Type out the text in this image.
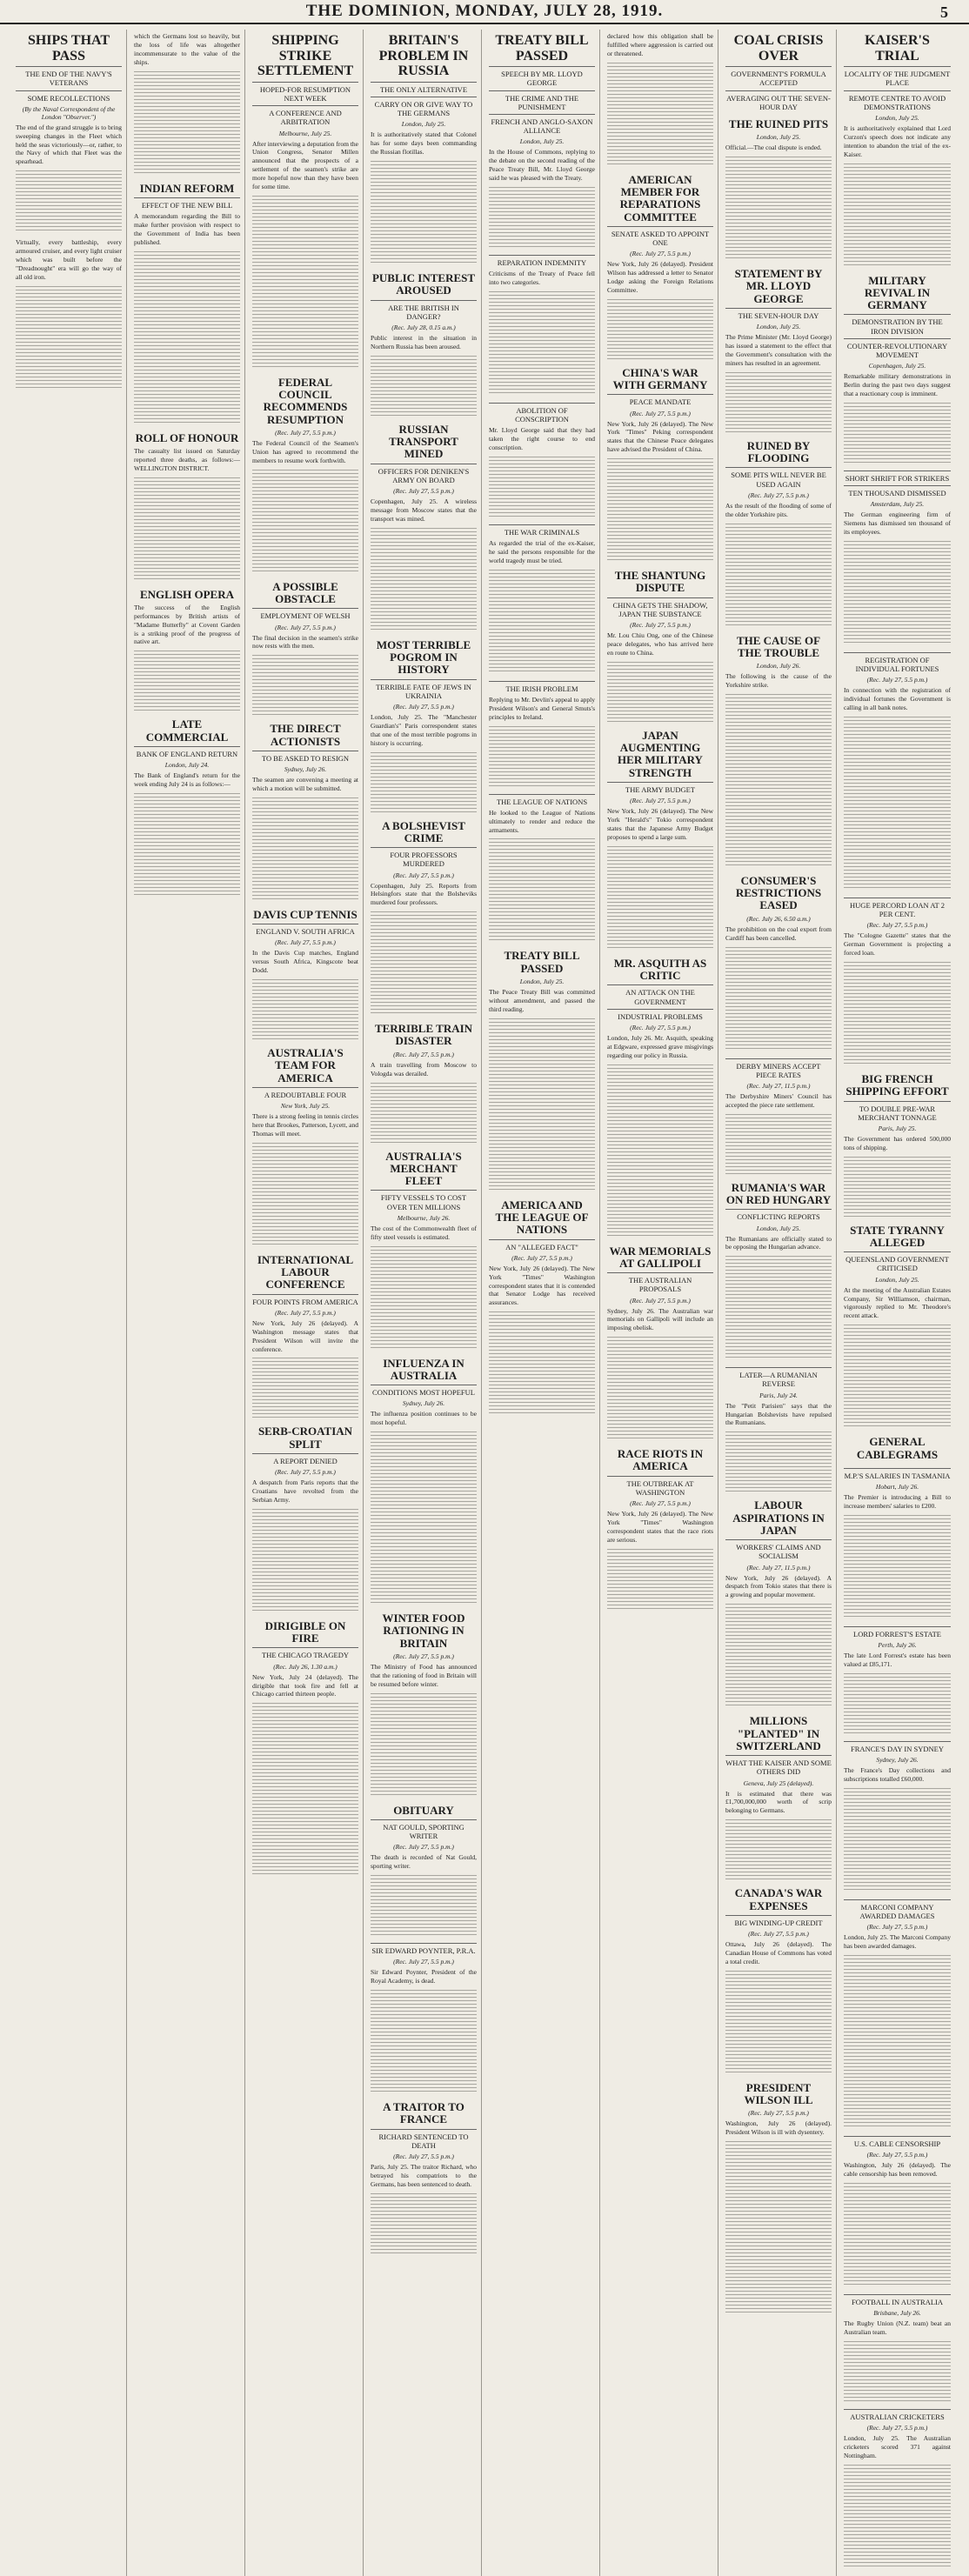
THE DOMINION, MONDAY, JULY 28, 1919.	5
SHIPS THAT PASS
THE END OF THE NAVY'S VETERANS
SOME RECOLLECTIONS
(By the Naval Correspondent of the London "Observer.")
The end of the grand struggle is to bring sweeping changes in the Fleet which held the seas victoriously—or, rather, to the Navy of which that Fleet was the spearhead.
Virtually, every battleship, every armoured cruiser, and every light cruiser which was built before the "Dreadnought" era will go the way of all old iron.
which the Germans lost so heavily, but the loss of life was altogether incommensurate to the value of the ships.
INDIAN REFORM
EFFECT OF THE NEW BILL
A memorandum regarding the Bill to make further provision with respect to the Government of India has been published.
ROLL OF HONOUR
The casualty list issued on Saturday reported three deaths, as follows:— WELLINGTON DISTRICT.
ENGLISH OPERA
The success of the English performances by British artists of "Madame Butterfly" at Covent Garden is a striking proof of the progress of native art.
LATE COMMERCIAL
BANK OF ENGLAND RETURN
London, July 24.
The Bank of England's return for the week ending July 24 is as follows:—
SHIPPING STRIKE SETTLEMENT
HOPED-FOR RESUMPTION NEXT WEEK
A CONFERENCE AND ARBITRATION
Melbourne, July 25.
After interviewing a deputation from the Union Congress, Senator Millen announced that the prospects of a settlement of the seamen's strike are more hopeful now than they have been for some time.
FEDERAL COUNCIL RECOMMENDS RESUMPTION
(Rec. July 27, 5.5 p.m.)
The Federal Council of the Seamen's Union has agreed to recommend the members to resume work forthwith.
A POSSIBLE OBSTACLE
EMPLOYMENT OF WELSH
(Rec. July 27, 5.5 p.m.)
The final decision in the seamen's strike now rests with the men.
THE DIRECT ACTIONISTS
TO BE ASKED TO RESIGN
Sydney, July 26.
The seamen are convening a meeting at which a motion will be submitted.
DAVIS CUP TENNIS
ENGLAND V. SOUTH AFRICA
(Rec. July 27, 5.5 p.m.)
In the Davis Cup matches, England versus South Africa, Kingscote beat Dodd.
AUSTRALIA'S TEAM FOR AMERICA
A REDOUBTABLE FOUR
New York, July 25.
There is a strong feeling in tennis circles here that Brookes, Patterson, Lycett, and Thomas will meet.
INTERNATIONAL LABOUR CONFERENCE
FOUR POINTS FROM AMERICA
(Rec. July 27, 5.5 p.m.)
New York, July 26 (delayed). A Washington message states that President Wilson will invite the conference.
SERB-CROATIAN SPLIT
A REPORT DENIED
(Rec. July 27, 5.5 p.m.)
A despatch from Paris reports that the Croatians have revolted from the Serbian Army.
DIRIGIBLE ON FIRE
THE CHICAGO TRAGEDY
(Rec. July 26, 1.30 a.m.)
New York, July 24 (delayed). The dirigible that took fire and fell at Chicago carried thirteen people.
BRITAIN'S PROBLEM IN RUSSIA
THE ONLY ALTERNATIVE
CARRY ON OR GIVE WAY TO THE GERMANS
London, July 25.
It is authoritatively stated that Colonel has for some days been commanding the Russian flotillas.
PUBLIC INTEREST AROUSED
ARE THE BRITISH IN DANGER?
(Rec. July 28, 0.15 a.m.)
Public interest in the situation in Northern Russia has been aroused.
RUSSIAN TRANSPORT MINED
OFFICERS FOR DENIKEN'S ARMY ON BOARD
(Rec. July 27, 5.5 p.m.)
Copenhagen, July 25. A wireless message from Moscow states that the transport was mined.
MOST TERRIBLE POGROM IN HISTORY
TERRIBLE FATE OF JEWS IN UKRAINIA
(Rec. July 27, 5.5 p.m.)
London, July 25. The "Manchester Guardian's" Paris correspondent states that one of the most terrible pogroms in history is occurring.
A BOLSHEVIST CRIME
FOUR PROFESSORS MURDERED
(Rec. July 27, 5.5 p.m.)
Copenhagen, July 25. Reports from Helsingfors state that the Bolsheviks murdered four professors.
TERRIBLE TRAIN DISASTER
(Rec. July 27, 5.5 p.m.)
A train travelling from Moscow to Vologda was derailed.
AUSTRALIA'S MERCHANT FLEET
FIFTY VESSELS TO COST OVER TEN MILLIONS
Melbourne, July 26.
The cost of the Commonwealth fleet of fifty steel vessels is estimated.
INFLUENZA IN AUSTRALIA
CONDITIONS MOST HOPEFUL
Sydney, July 26.
The influenza position continues to be most hopeful.
WINTER FOOD RATIONING IN BRITAIN
(Rec. July 27, 5.5 p.m.)
The Ministry of Food has announced that the rationing of food in Britain will be resumed before winter.
OBITUARY
NAT GOULD, SPORTING WRITER
(Rec. July 27, 5.5 p.m.)
The death is recorded of Nat Gould, sporting writer.
SIR EDWARD POYNTER, P.R.A.
(Rec. July 27, 5.5 p.m.)
Sir Edward Poynter, President of the Royal Academy, is dead.
A TRAITOR TO FRANCE
RICHARD SENTENCED TO DEATH
(Rec. July 27, 5.5 p.m.)
Paris, July 25. The traitor Richard, who betrayed his compatriots to the Germans, has been sentenced to death.
TREATY BILL PASSED
SPEECH BY MR. LLOYD GEORGE
THE CRIME AND THE PUNISHMENT
FRENCH AND ANGLO-SAXON ALLIANCE
London, July 25.
In the House of Commons, replying to the debate on the second reading of the Peace Treaty Bill, Mr. Lloyd George said he was pleased with the Treaty.
REPARATION INDEMNITY
Criticisms of the Treaty of Peace fell into two categories.
ABOLITION OF CONSCRIPTION
Mr. Lloyd George said that they had taken the right course to end conscription.
THE WAR CRIMINALS
As regarded the trial of the ex-Kaiser, he said the persons responsible for the world tragedy must be tried.
THE IRISH PROBLEM
Replying to Mr. Devlin's appeal to apply President Wilson's and General Smuts's principles to Ireland.
THE LEAGUE OF NATIONS
He looked to the League of Nations ultimately to render and reduce the armaments.
TREATY BILL PASSED
London, July 25.
The Peace Treaty Bill was committed without amendment, and passed the third reading.
AMERICA AND THE LEAGUE OF NATIONS
AN "ALLEGED FACT"
(Rec. July 27, 5.5 p.m.)
New York, July 26 (delayed). The New York "Times" Washington correspondent states that it is contended that Senator Lodge has received assurances.
declared how this obligation shall be fulfilled where aggression is carried out or threatened.
AMERICAN MEMBER FOR REPARATIONS COMMITTEE
SENATE ASKED TO APPOINT ONE
(Rec. July 27, 5.5 p.m.)
New York, July 26 (delayed). President Wilson has addressed a letter to Senator Lodge asking the Foreign Relations Committee.
CHINA'S WAR WITH GERMANY
PEACE MANDATE
(Rec. July 27, 5.5 p.m.)
New York, July 26 (delayed). The New York "Times" Peking correspondent states that the Chinese Peace delegates have advised the President of China.
THE SHANTUNG DISPUTE
CHINA GETS THE SHADOW, JAPAN THE SUBSTANCE
(Rec. July 27, 5.5 p.m.)
Mr. Lou Chiu Ong, one of the Chinese peace delegates, who has arrived here en route to China.
JAPAN AUGMENTING HER MILITARY STRENGTH
THE ARMY BUDGET
(Rec. July 27, 5.5 p.m.)
New York, July 26 (delayed). The New York "Herald's" Tokio correspondent states that the Japanese Army Budget proposes to spend a large sum.
MR. ASQUITH AS CRITIC
AN ATTACK ON THE GOVERNMENT
INDUSTRIAL PROBLEMS
(Rec. July 27, 5.5 p.m.)
London, July 26. Mr. Asquith, speaking at Edgware, expressed grave misgivings regarding our policy in Russia.
WAR MEMORIALS AT GALLIPOLI
THE AUSTRALIAN PROPOSALS
(Rec. July 27, 5.5 p.m.)
Sydney, July 26. The Australian war memorials on Gallipoli will include an imposing obelisk.
RACE RIOTS IN AMERICA
THE OUTBREAK AT WASHINGTON
(Rec. July 27, 5.5 p.m.)
New York, July 26 (delayed). The New York "Times" Washington correspondent states that the race riots are serious.
COAL CRISIS OVER
GOVERNMENT'S FORMULA ACCEPTED
AVERAGING OUT THE SEVEN-HOUR DAY
THE RUINED PITS
London, July 25.
Official.—The coal dispute is ended.
STATEMENT BY MR. LLOYD GEORGE
THE SEVEN-HOUR DAY
London, July 25.
The Prime Minister (Mr. Lloyd George) has issued a statement to the effect that the Government's consultation with the miners has resulted in an agreement.
RUINED BY FLOODING
SOME PITS WILL NEVER BE USED AGAIN
(Rec. July 27, 5.5 p.m.)
As the result of the flooding of some of the older Yorkshire pits.
THE CAUSE OF THE TROUBLE
London, July 26.
The following is the cause of the Yorkshire strike.
CONSUMER'S RESTRICTIONS EASED
(Rec. July 26, 6.50 a.m.)
The prohibition on the coal export from Cardiff has been cancelled.
DERBY MINERS ACCEPT PIECE RATES
(Rec. July 27, 11.5 p.m.)
The Derbyshire Miners' Council has accepted the piece rate settlement.
RUMANIA'S WAR ON RED HUNGARY
CONFLICTING REPORTS
London, July 25.
The Rumanians are officially stated to be opposing the Hungarian advance.
LATER—A RUMANIAN REVERSE
Paris, July 24.
The "Petit Parisien" says that the Hungarian Bolshevists have repulsed the Rumanians.
LABOUR ASPIRATIONS IN JAPAN
WORKERS' CLAIMS AND SOCIALISM
(Rec. July 27, 11.5 p.m.)
New York, July 26 (delayed). A despatch from Tokio states that there is a growing and popular movement.
MILLIONS "PLANTED" IN SWITZERLAND
WHAT THE KAISER AND SOME OTHERS DID
Geneva, July 25 (delayed).
It is estimated that there was £1,700,000,000 worth of scrip belonging to Germans.
CANADA'S WAR EXPENSES
BIG WINDING-UP CREDIT
(Rec. July 27, 5.5 p.m.)
Ottawa, July 26 (delayed). The Canadian House of Commons has voted a total credit.
PRESIDENT WILSON ILL
(Rec. July 27, 5.5 p.m.)
Washington, July 26 (delayed). President Wilson is ill with dysentery.
KAISER'S TRIAL
LOCALITY OF THE JUDGMENT PLACE
REMOTE CENTRE TO AVOID DEMONSTRATIONS
London, July 25.
It is authoritatively explained that Lord Curzon's speech does not indicate any intention to abandon the trial of the ex-Kaiser.
MILITARY REVIVAL IN GERMANY
DEMONSTRATION BY THE IRON DIVISION
COUNTER-REVOLUTIONARY MOVEMENT
Copenhagen, July 25.
Remarkable military demonstrations in Berlin during the past two days suggest that a reactionary coup is imminent.
SHORT SHRIFT FOR STRIKERS
TEN THOUSAND DISMISSED
Amsterdam, July 25.
The German engineering firm of Siemens has dismissed ten thousand of its employees.
REGISTRATION OF INDIVIDUAL FORTUNES
(Rec. July 27, 5.5 p.m.)
In connection with the registration of individual fortunes the Government is calling in all bank notes.
HUGE PERCORD LOAN AT 2 PER CENT.
(Rec. July 27, 5.5 p.m.)
The "Cologne Gazette" states that the German Government is projecting a forced loan.
BIG FRENCH SHIPPING EFFORT
TO DOUBLE PRE-WAR MERCHANT TONNAGE
Paris, July 25.
The Government has ordered 500,000 tons of shipping.
STATE TYRANNY ALLEGED
QUEENSLAND GOVERNMENT CRITICISED
London, July 25.
At the meeting of the Australian Estates Company, Sir Williamson, chairman, vigorously replied to Mr. Theodore's recent attack.
GENERAL CABLEGRAMS
M.P.'S SALARIES IN TASMANIA
Hobart, July 26.
The Premier is introducing a Bill to increase members' salaries to £200.
LORD FORREST'S ESTATE
Perth, July 26.
The late Lord Forrest's estate has been valued at £85,171.
FRANCE'S DAY IN SYDNEY
Sydney, July 26.
The France's Day collections and subscriptions totalled £60,000.
MARCONI COMPANY AWARDED DAMAGES
(Rec. July 27, 5.5 p.m.)
London, July 25. The Marconi Company has been awarded damages.
U.S. CABLE CENSORSHIP
(Rec. July 27, 5.5 p.m.)
Washington, July 26 (delayed). The cable censorship has been removed.
FOOTBALL IN AUSTRALIA
Brisbane, July 26.
The Rugby Union (N.Z. team) beat an Australian team.
AUSTRALIAN CRICKETERS
(Rec. July 27, 5.5 p.m.)
London, July 25. The Australian cricketers scored 371 against Nottingham.
